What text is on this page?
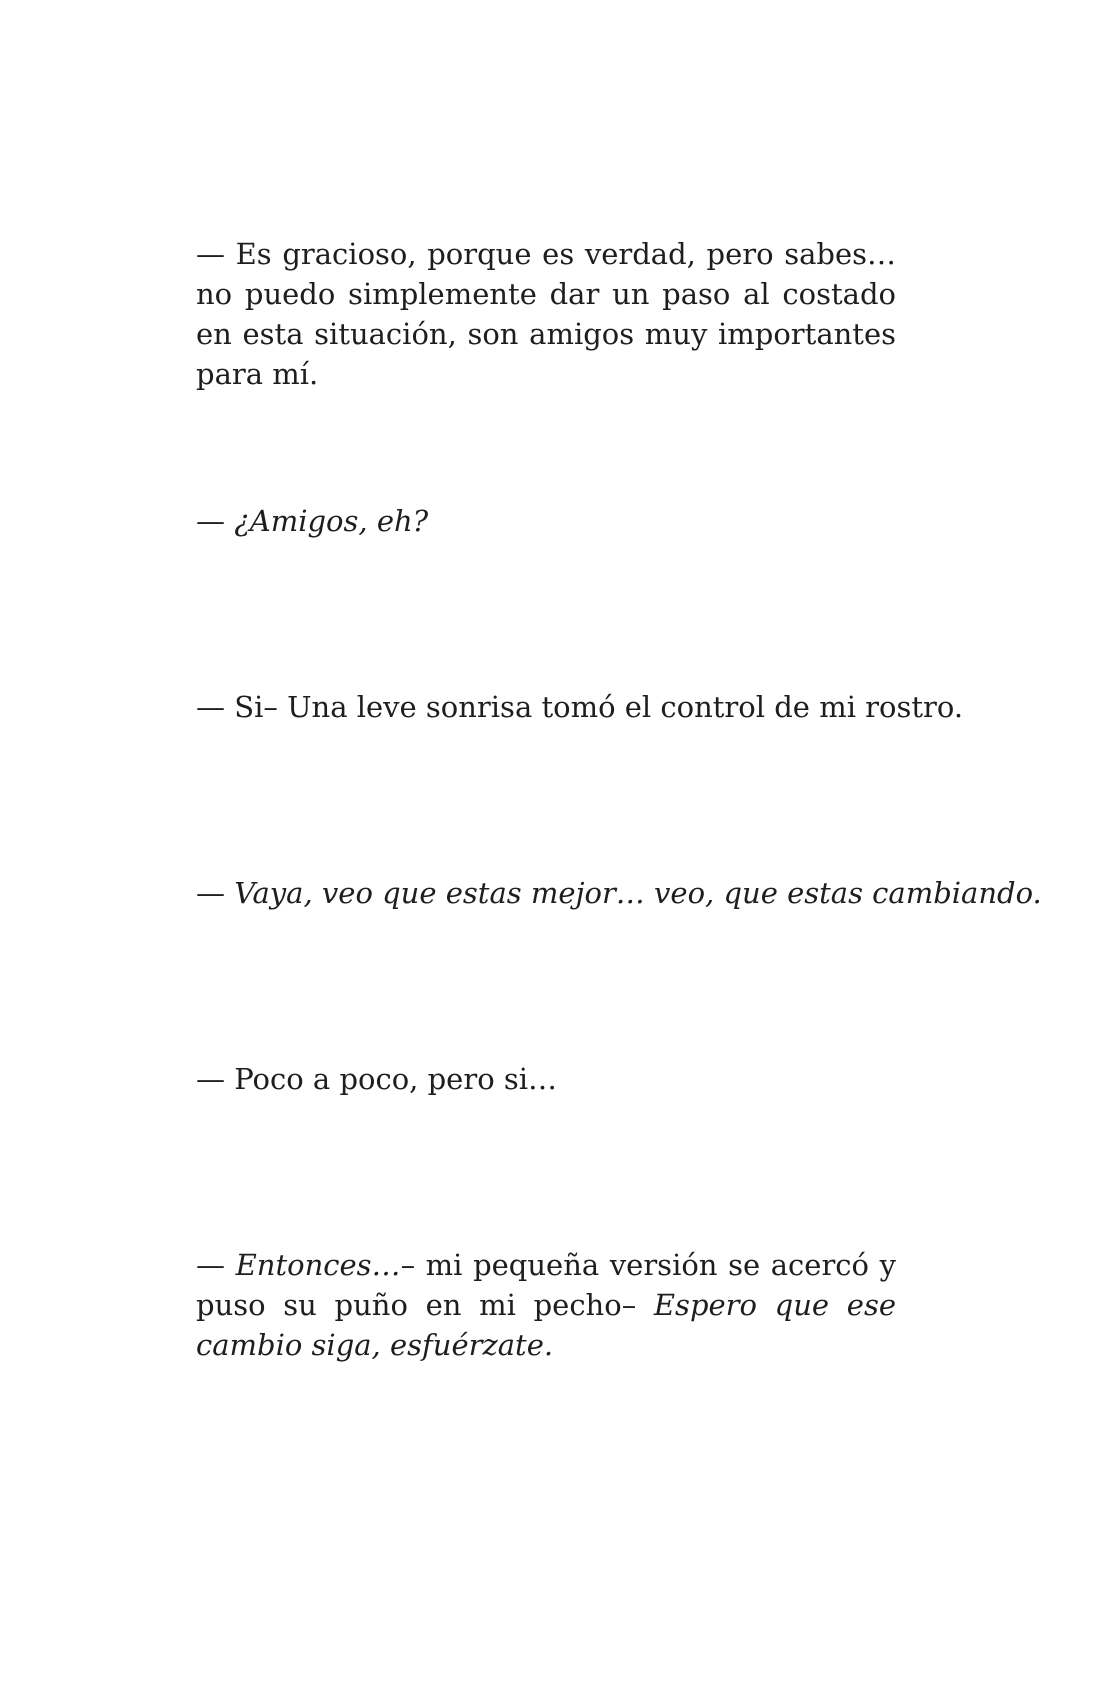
— Es gracioso, porque es verdad, pero sabes… no puedo simplemente dar un paso al costado en esta situación, son amigos muy importantes para mí.

— ¿Amigos, eh?

— Si– Una leve sonrisa tomó el control de mi rostro.

— Vaya, veo que estas mejor… veo, que estas cambiando.

— Poco a poco, pero si…

— Entonces…– mi pequeña versión se acercó y puso su puño en mi pecho– Espero que ese cambio siga, esfuérzate.
